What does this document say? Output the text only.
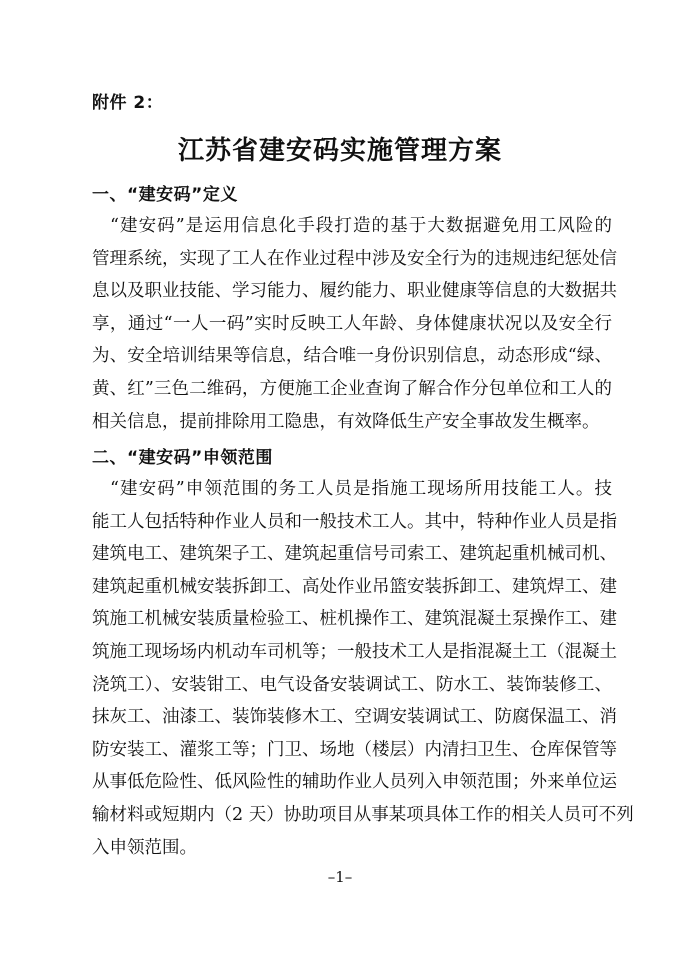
附件 2：
江苏省建安码实施管理方案
一、“建安码”定义
“建安码”是运用信息化手段打造的基于大数据避免用工风险的
管理系统，实现了工人在作业过程中涉及安全行为的违规违纪惩处信
息以及职业技能、学习能力、履约能力、职业健康等信息的大数据共
享，通过“一人一码”实时反映工人年龄、身体健康状况以及安全行
为、安全培训结果等信息，结合唯一身份识别信息，动态形成“绿、
黄、红”三色二维码，方便施工企业查询了解合作分包单位和工人的
相关信息，提前排除用工隐患，有效降低生产安全事故发生概率。
二、“建安码”申领范围
“建安码”申领范围的务工人员是指施工现场所用技能工人。技
能工人包括特种作业人员和一般技术工人。其中，特种作业人员是指
建筑电工、建筑架子工、建筑起重信号司索工、建筑起重机械司机、
建筑起重机械安装拆卸工、高处作业吊篮安装拆卸工、建筑焊工、建
筑施工机械安装质量检验工、桩机操作工、建筑混凝土泵操作工、建
筑施工现场场内机动车司机等；一般技术工人是指混凝土工（混凝土
浇筑工）、安装钳工、电气设备安装调试工、防水工、装饰装修工、
抹灰工、油漆工、装饰装修木工、空调安装调试工、防腐保温工、消
防安装工、灌浆工等；门卫、场地（楼层）内清扫卫生、仓库保管等
从事低危险性、低风险性的辅助作业人员列入申领范围；外来单位运
输材料或短期内（2 天）协助项目从事某项具体工作的相关人员可不列
入申领范围。
–1–
